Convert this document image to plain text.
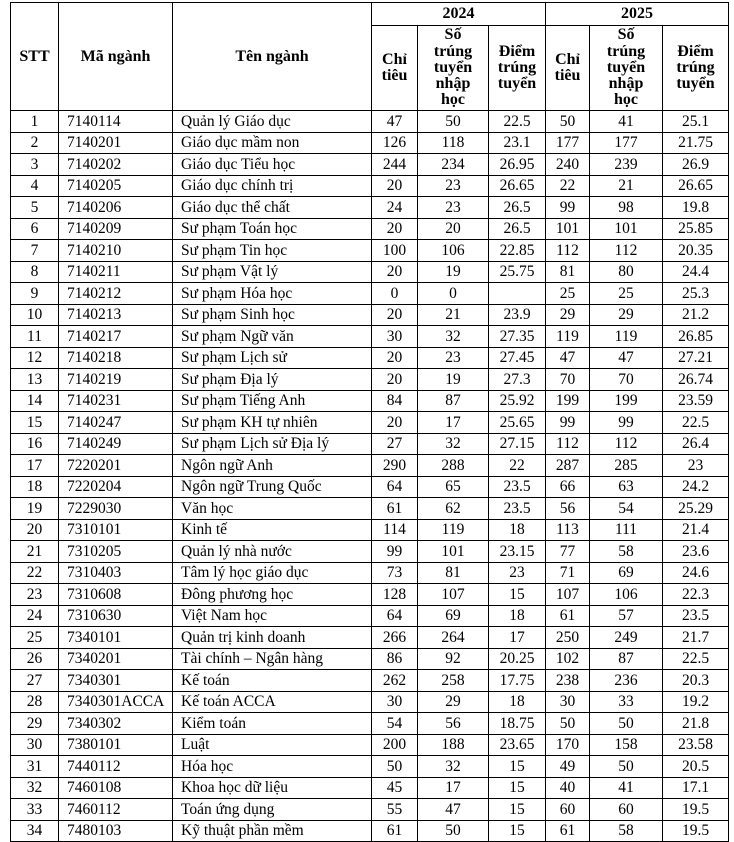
STT	Mã ngành	Tên ngành	2024			2025		
			Chỉ tiêu	Số trúng tuyển nhập học	Điểm trúng tuyển	Chỉ tiêu	Số trúng tuyển nhập học	Điểm trúng tuyển
1	7140114	Quản lý Giáo dục	47	50	22.5	50	41	25.1
2	7140201	Giáo dục mầm non	126	118	23.1	177	177	21.75
3	7140202	Giáo dục Tiểu học	244	234	26.95	240	239	26.9
4	7140205	Giáo dục chính trị	20	23	26.65	22	21	26.65
5	7140206	Giáo dục thể chất	24	23	26.5	99	98	19.8
6	7140209	Sư phạm Toán học	20	20	26.5	101	101	25.85
7	7140210	Sư phạm Tin học	100	106	22.85	112	112	20.35
8	7140211	Sư phạm Vật lý	20	19	25.75	81	80	24.4
9	7140212	Sư phạm Hóa học	0	0		25	25	25.3
10	7140213	Sư phạm Sinh học	20	21	23.9	29	29	21.2
11	7140217	Sư phạm Ngữ văn	30	32	27.35	119	119	26.85
12	7140218	Sư phạm Lịch sử	20	23	27.45	47	47	27.21
13	7140219	Sư phạm Địa lý	20	19	27.3	70	70	26.74
14	7140231	Sư phạm Tiếng Anh	84	87	25.92	199	199	23.59
15	7140247	Sư phạm KH tự nhiên	20	17	25.65	99	99	22.5
16	7140249	Sư phạm Lịch sử Địa lý	27	32	27.15	112	112	26.4
17	7220201	Ngôn ngữ Anh	290	288	22	287	285	23
18	7220204	Ngôn ngữ Trung Quốc	64	65	23.5	66	63	24.2
19	7229030	Văn học	61	62	23.5	56	54	25.29
20	7310101	Kinh tế	114	119	18	113	111	21.4
21	7310205	Quản lý nhà nước	99	101	23.15	77	58	23.6
22	7310403	Tâm lý học giáo dục	73	81	23	71	69	24.6
23	7310608	Đông phương học	128	107	15	107	106	22.3
24	7310630	Việt Nam học	64	69	18	61	57	23.5
25	7340101	Quản trị kinh doanh	266	264	17	250	249	21.7
26	7340201	Tài chính – Ngân hàng	86	92	20.25	102	87	22.5
27	7340301	Kế toán	262	258	17.75	238	236	20.3
28	7340301ACCA	Kế toán ACCA	30	29	18	30	33	19.2
29	7340302	Kiểm toán	54	56	18.75	50	50	21.8
30	7380101	Luật	200	188	23.65	170	158	23.58
31	7440112	Hóa học	50	32	15	49	50	20.5
32	7460108	Khoa học dữ liệu	45	17	15	40	41	17.1
33	7460112	Toán ứng dụng	55	47	15	60	60	19.5
34	7480103	Kỹ thuật phần mềm	61	50	15	61	58	19.5
